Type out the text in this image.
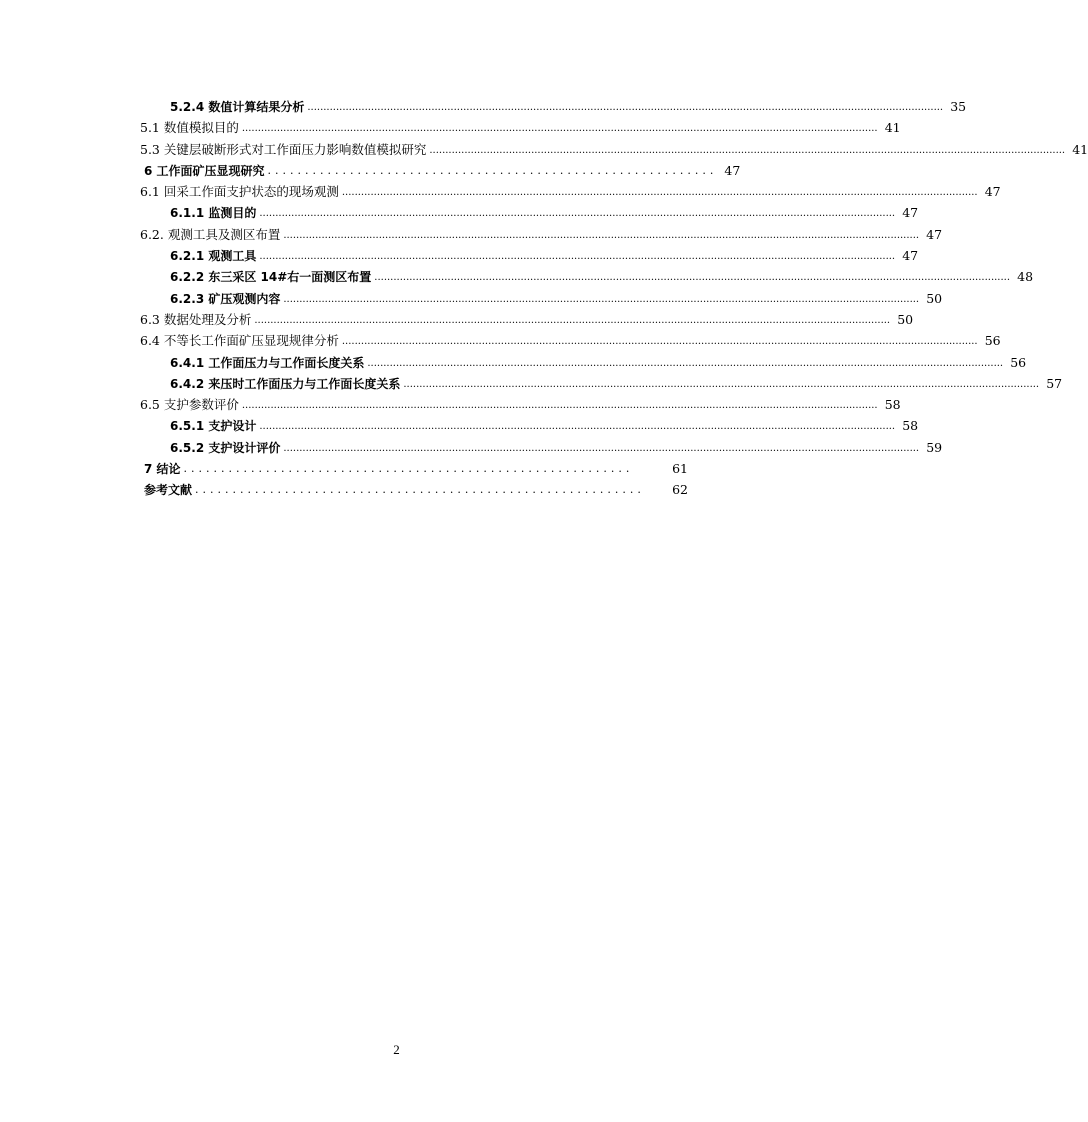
5.2.4 数值计算结果分析 ........................................................................................................................................................................................................ 35
5.1 数值模拟目的 ........................................................................................................................................................................................................ 41
5.3 关键层破断形式对工作面压力影响数值模拟研究 ........................................................................................................................................................................................................ 41
6 工作面矿压显现研究 ............................................................ 47
6.1 回采工作面支护状态的现场观测 ........................................................................................................................................................................................................ 47
6.1.1 监测目的 ........................................................................................................................................................................................................ 47
6.2. 观测工具及测区布置 ........................................................................................................................................................................................................ 47
6.2.1 观测工具 ........................................................................................................................................................................................................ 47
6.2.2 东三采区 14#右一面测区布置 ........................................................................................................................................................................................................ 48
6.2.3 矿压观测内容 ........................................................................................................................................................................................................ 50
6.3 数据处理及分析 ........................................................................................................................................................................................................ 50
6.4 不等长工作面矿压显现规律分析 ........................................................................................................................................................................................................ 56
6.4.1 工作面压力与工作面长度关系 ........................................................................................................................................................................................................ 56
6.4.2 来压时工作面压力与工作面长度关系 ........................................................................................................................................................................................................ 57
6.5 支护参数评价 ........................................................................................................................................................................................................ 58
6.5.1 支护设计 ........................................................................................................................................................................................................ 58
6.5.2 支护设计评价 ........................................................................................................................................................................................................ 59
7 结论 ............................................................	61
参考文献 ............................................................	62
2
